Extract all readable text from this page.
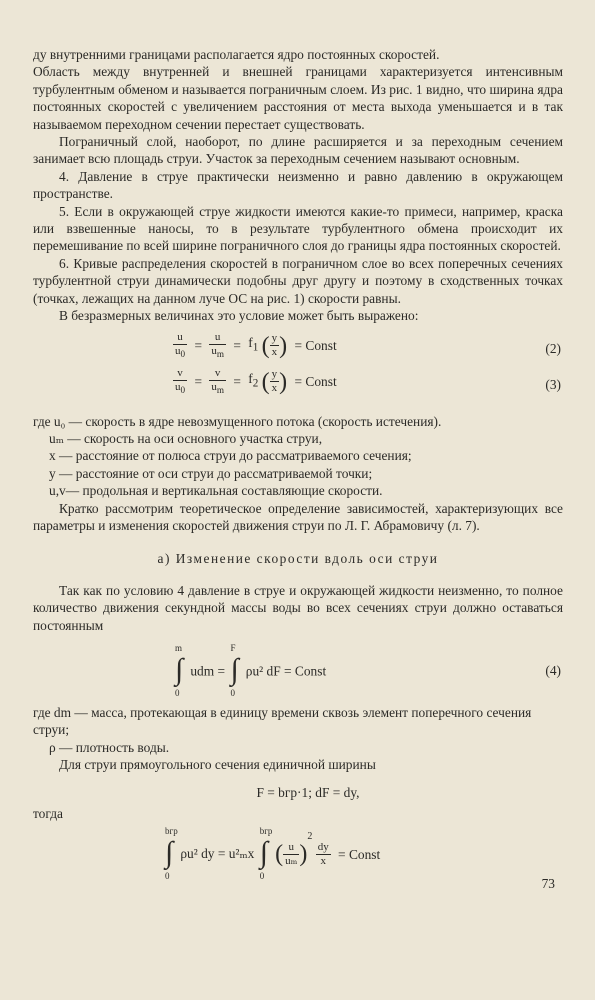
ду внутренними границами располагается ядро постоянных скоростей.

Область между внутренней и внешней границами характеризуется интенсивным турбулентным обменом и называется пограничным слоем. Из рис. 1 видно, что ширина ядра постоянных скоростей с увеличением расстояния от места выхода уменьшается и в так называемом переходном сечении перестает существовать.

Пограничный слой, наоборот, по длине расширяется и за переходным сечением занимает всю площадь струи. Участок за переходным сечением называют основным.

4. Давление в струе практически неизменно и равно давлению в окружающем пространстве.

5. Если в окружающей струе жидкости имеются какие-то примеси, например, краска или взвешенные наносы, то в результате турбулентного обмена происходит их перемешивание по всей ширине пограничного слоя до границы ядра постоянных скоростей.

6. Кривые распределения скоростей в пограничном слое во всех поперечных сечениях турбулентной струи динамически подобны друг другу и поэтому в сходственных точках (точках, лежащих на данном луче ОС на рис. 1) скорости равны.

В безразмерных величинах это условие может быть выражено:

$\frac{u}{u_0} = \frac{u}{u_m} = f_1$ ( $\frac{y}{x}$ ) = Const	(2)
$\frac{v}{u_0} = \frac{v}{u_m} = f_2$ ( $\frac{y}{x}$ ) = Const	(3)
где u₀ — скорость в ядре невозмущенного потока (скорость истечения).
uₘ — скорость на оси основного участка струи,
x — расстояние от полюса струи до рассматриваемого сечения;
y — расстояние от оси струи до рассматриваемой точки;
u,v— продольная и вертикальная составляющие скорости.

Кратко рассмотрим теоретическое определение зависимостей, характеризующих все параметры и изменения скоростей движения струи по Л. Г. Абрамовичу (л. 7).

а) Изменение скорости вдоль оси струи

Так как по условию 4 давление в струе и окружающей жидкости неизменно, то полное количество движения секундной массы воды во всех сечениях струи должно оставаться постоянным

m
∫
0
udm =
F
∫
0
ρu² dF = Const	(4)
где dm — масса, протекающая в единицу времени сквозь элемент поперечного сечения струи;
ρ — плотность воды.

Для струи прямоугольного сечения единичной ширины

F = bгр·1; dF = dy,
тогда
bгр
∫
0
ρu² dy = u²ₘx
bгр
∫
0
( $\frac{u}{\text{uₘ}} )^2$
$\frac{dy}{x}$ = Const
73
